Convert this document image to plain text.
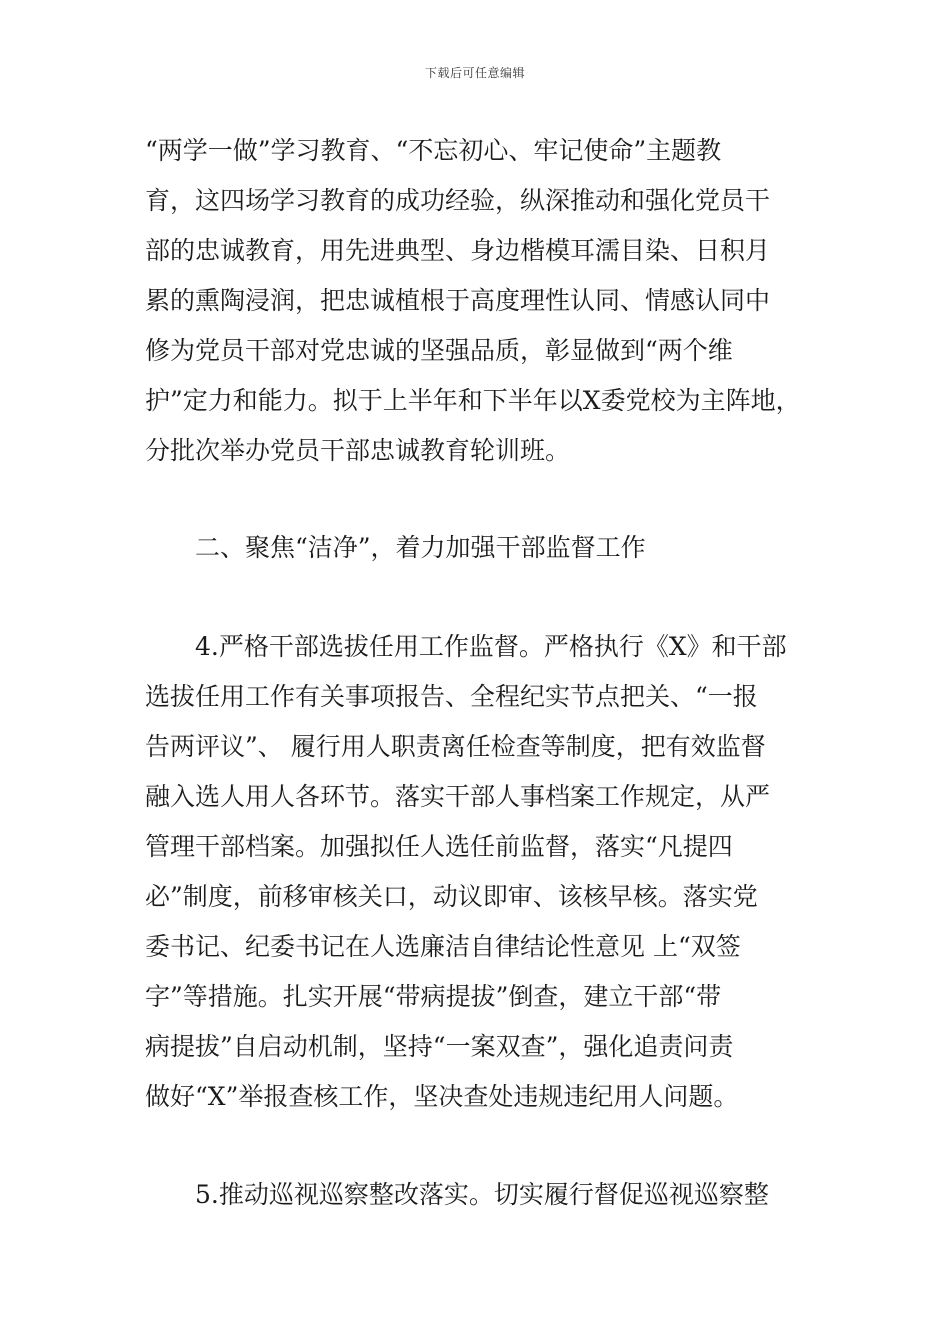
下载后可任意编辑
“两学一做”学习教育、“不忘初心、牢记使命”主题教
育，这四场学习教育的成功经验，纵深推动和强化党员干
部的忠诚教育，用先进典型、身边楷模耳濡目染、日积月
累的熏陶浸润，把忠诚植根于高度理性认同、情感认同中
修为党员干部对党忠诚的坚强品质，彰显做到“两个维
护”定力和能力。拟于上半年和下半年以X委党校为主阵地，
分批次举办党员干部忠诚教育轮训班。
二、聚焦“洁净”，着力加强干部监督工作
4.严格干部选拔任用工作监督。严格执行《X》和干部
选拔任用工作有关事项报告、全程纪实节点把关、“一报
告两评议”、 履行用人职责离任检查等制度，把有效监督
融入选人用人各环节。落实干部人事档案工作规定，从严
管理干部档案。加强拟任人选任前监督，落实“凡提四
必”制度，前移审核关口，动议即审、该核早核。落实党
委书记、纪委书记在人选廉洁自律结论性意见 上“双签
字”等措施。扎实开展“带病提拔”倒查，建立干部“带
病提拔”自启动机制，坚持“一案双查”，强化追责问责
做好“X”举报查核工作，坚决查处违规违纪用人问题。
5.推动巡视巡察整改落实。切实履行督促巡视巡察整
